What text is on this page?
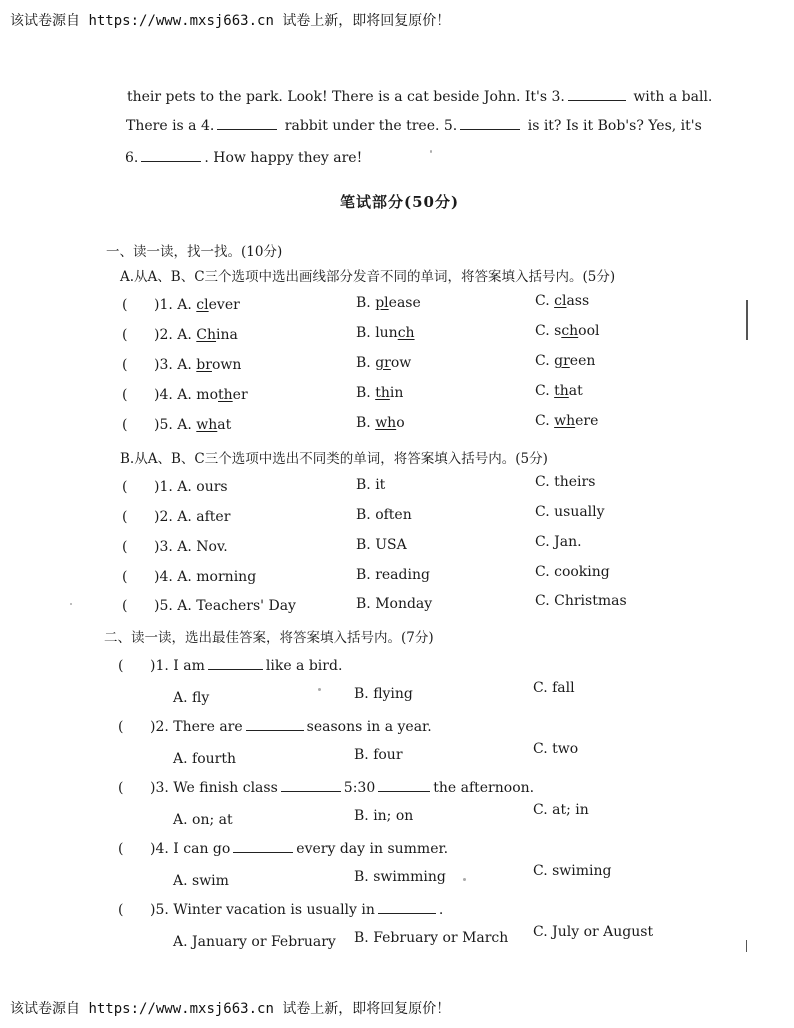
该试卷源自 https://www.mxsj663.cn 试卷上新，即将回复原价！
their pets to the park. Look! There is a cat beside John. It's 3.	with a ball.
There is a 4.	rabbit under the tree. 5.	is it? Is it Bob's? Yes, it's
6.	. How happy they are!
笔试部分(50分)
一、读一读，找一找。(10分)
A.从A、B、C三个选项中选出画线部分发音不同的单词，将答案填入括号内。(5分)
( )1. A. clever	B. please	C. class
( )2. A. China	B. lunch	C. school
( )3. A. brown	B. grow	C. green
( )4. A. mother	B. thin	C. that
( )5. A. what	B. who	C. where
B.从A、B、C三个选项中选出不同类的单词，将答案填入括号内。(5分)
( )1. A. ours	B. it	C. theirs
( )2. A. after	B. often	C. usually
( )3. A. Nov.	B. USA	C. Jan.
( )4. A. morning	B. reading	C. cooking
( )5. A. Teachers' Day	B. Monday	C. Christmas
二、读一读，选出最佳答案，将答案填入括号内。(7分)
( )1. I am	like a bird.
A. fly	B. flying	C. fall
( )2. There are	seasons in a year.
A. fourth	B. four	C. two
( )3. We finish class	5:30	the afternoon.
A. on; at	B. in; on	C. at; in
( )4. I can go	every day in summer.
A. swim	B. swimming	C. swiming
( )5. Winter vacation is usually in	.
A. January or February B. February or March C. July or August
该试卷源自 https://www.mxsj663.cn 试卷上新，即将回复原价！
